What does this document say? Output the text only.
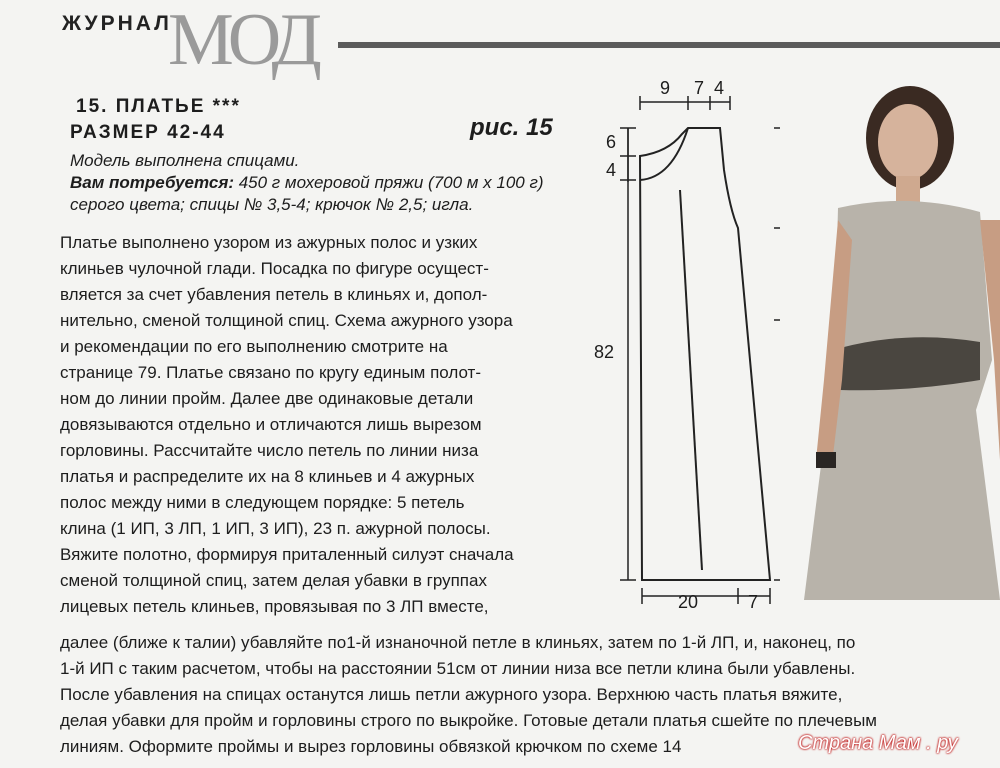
ЖУРНАЛ
МОД
15. ПЛАТЬЕ ***
РАЗМЕР 42-44	рис. 15
Модель выполнена спицами.
Вам потребуется: 450 г мохеровой пряжи (700 м х 100 г) серого цвета; спицы № 3,5-4; крючок № 2,5; игла.
Платье выполнено узором из ажурных полос и узких
клиньев чулочной глади. Посадка по фигуре осущест-
вляется за счет убавления петель в клиньях и, допол-
нительно, сменой толщиной спиц. Схема ажурного узора
и рекомендации по его выполнению смотрите на
странице 79. Платье связано по кругу единым полот-
ном до линии пройм. Далее две одинаковые детали
довязываются отдельно и отличаются лишь вырезом
горловины. Рассчитайте число петель по линии низа
платья и распределите их на 8 клиньев и 4 ажурных
полос между ними в следующем порядке: 5 петель
клина (1 ИП, 3 ЛП, 1 ИП, 3 ИП), 23 п. ажурной полосы.
Вяжите полотно, формируя приталенный силуэт сначала
сменой толщиной спиц, затем делая убавки в группах
лицевых петель клиньев, провязывая по 3 ЛП вместе,
далее (ближе к талии) убавляйте по1-й изнаночной петле в клиньях, затем по 1-й ЛП, и, наконец, по
1-й ИП с таким расчетом, чтобы на расстоянии 51см от линии низа все петли клина были убавлены.
После убавления на спицах останутся лишь петли ажурного узора. Верхнюю часть платья вяжите,
делая убавки для пройм и горловины строго по выкройке. Готовые детали платья сшейте по плечевым
линиям. Оформите проймы и вырез горловины обвязкой крючком по схеме 14
9 7 4
6
4
82
20	7
Страна Мам . ру
